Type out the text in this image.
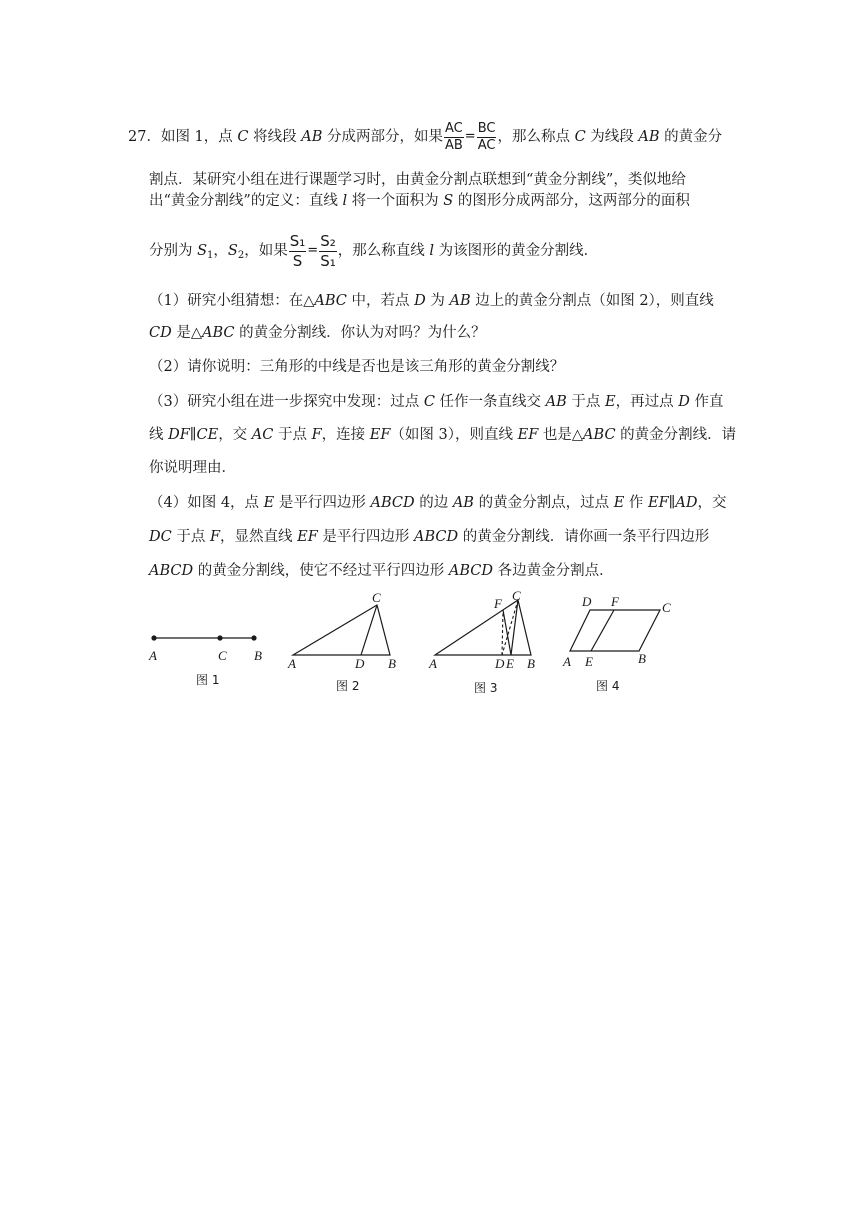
27．如图 1，点 C 将线段 AB 分成两部分，如果 $\frac{AC}{AB} = \frac{BC}{AC}$ ，那么称点 C 为线段 AB 的黄金分
割点．某研究小组在进行课题学习时，由黄金分割点联想到“黄金分割线”，类似地给
出“黄金分割线”的定义：直线 l 将一个面积为 S 的图形分成两部分，这两部分的面积
分别为 $S_1$，$S_2$，如果 $\frac{\text{S₁}}{S} = \frac{\text{S₂}}{\text{S₁}}$ ，那么称直线 l 为该图形的黄金分割线．
（1）研究小组猜想：在△ABC 中，若点 D 为 AB 边上的黄金分割点（如图 2），则直线
CD 是△ABC 的黄金分割线．你认为对吗？为什么？
（2）请你说明：三角形的中线是否也是该三角形的黄金分割线？
（3）研究小组在进一步探究中发现：过点 C 任作一条直线交 AB 于点 E，再过点 D 作直
线 DF∥CE，交 AC 于点 F，连接 EF（如图 3），则直线 EF 也是△ABC 的黄金分割线．请
你说明理由．
（4）如图 4，点 E 是平行四边形 ABCD 的边 AB 的黄金分割点，过点 E 作 EF∥AD，交
DC 于点 F，显然直线 EF 是平行四边形 ABCD 的黄金分割线．请你画一条平行四边形
ABCD 的黄金分割线，使它不经过平行四边形 ABCD 各边黄金分割点．
A	C B
图 1
A	D B
C
图 2
A	D E B
C
F
图 3
A E	B
C
D F
图 4
